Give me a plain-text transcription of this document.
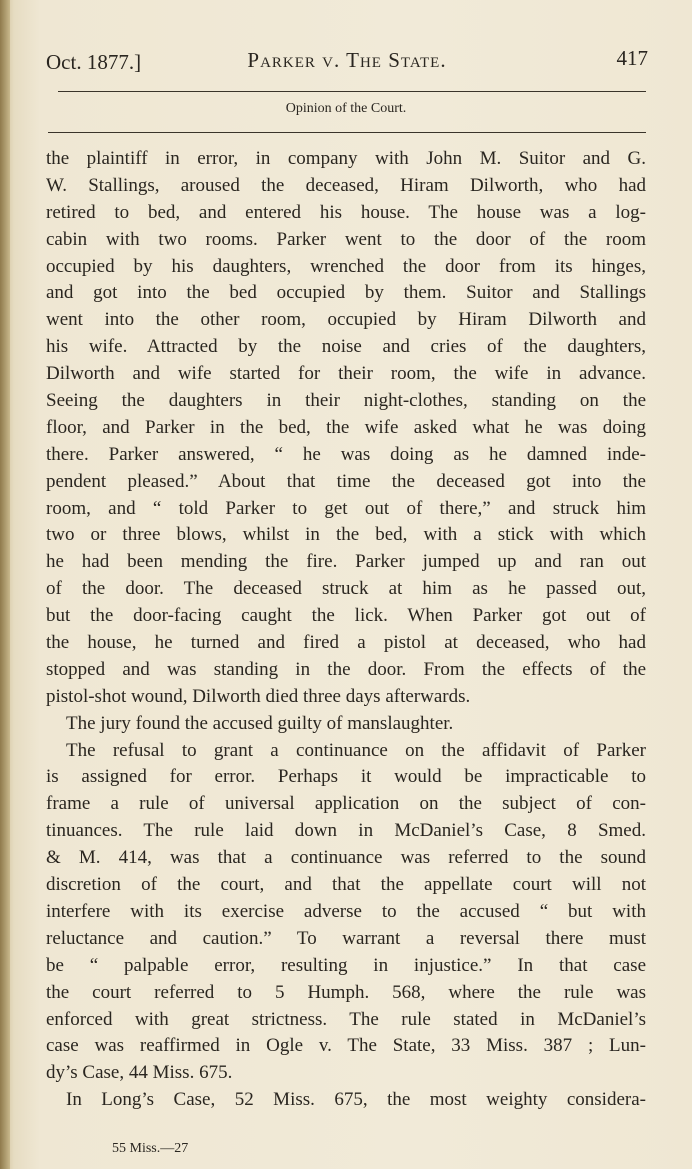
Oct. 1877.]	Parker v. The State.	417
Opinion of the Court.
the plaintiff in error, in company with John M. Suitor and G.
W. Stallings, aroused the deceased, Hiram Dilworth, who had
retired to bed, and entered his house. The house was a log-
cabin with two rooms. Parker went to the door of the room
occupied by his daughters, wrenched the door from its hinges,
and got into the bed occupied by them. Suitor and Stallings
went into the other room, occupied by Hiram Dilworth and
his wife. Attracted by the noise and cries of the daughters,
Dilworth and wife started for their room, the wife in advance.
Seeing the daughters in their night-clothes, standing on the
floor, and Parker in the bed, the wife asked what he was doing
there. Parker answered, “ he was doing as he damned inde-
pendent pleased.” About that time the deceased got into the
room, and “ told Parker to get out of there,” and struck him
two or three blows, whilst in the bed, with a stick with which
he had been mending the fire. Parker jumped up and ran out
of the door. The deceased struck at him as he passed out,
but the door-facing caught the lick. When Parker got out of
the house, he turned and fired a pistol at deceased, who had
stopped and was standing in the door. From the effects of the
pistol-shot wound, Dilworth died three days afterwards.
The jury found the accused guilty of manslaughter.
The refusal to grant a continuance on the affidavit of Parker
is assigned for error. Perhaps it would be impracticable to
frame a rule of universal application on the subject of con-
tinuances. The rule laid down in McDaniel’s Case, 8 Smed.
& M. 414, was that a continuance was referred to the sound
discretion of the court, and that the appellate court will not
interfere with its exercise adverse to the accused “ but with
reluctance and caution.” To warrant a reversal there must
be “ palpable error, resulting in injustice.” In that case
the court referred to 5 Humph. 568, where the rule was
enforced with great strictness. The rule stated in McDaniel’s
case was reaffirmed in Ogle v. The State, 33 Miss. 387 ; Lun-
dy’s Case, 44 Miss. 675.
In Long’s Case, 52 Miss. 675, the most weighty considera-
55 Miss.—27
